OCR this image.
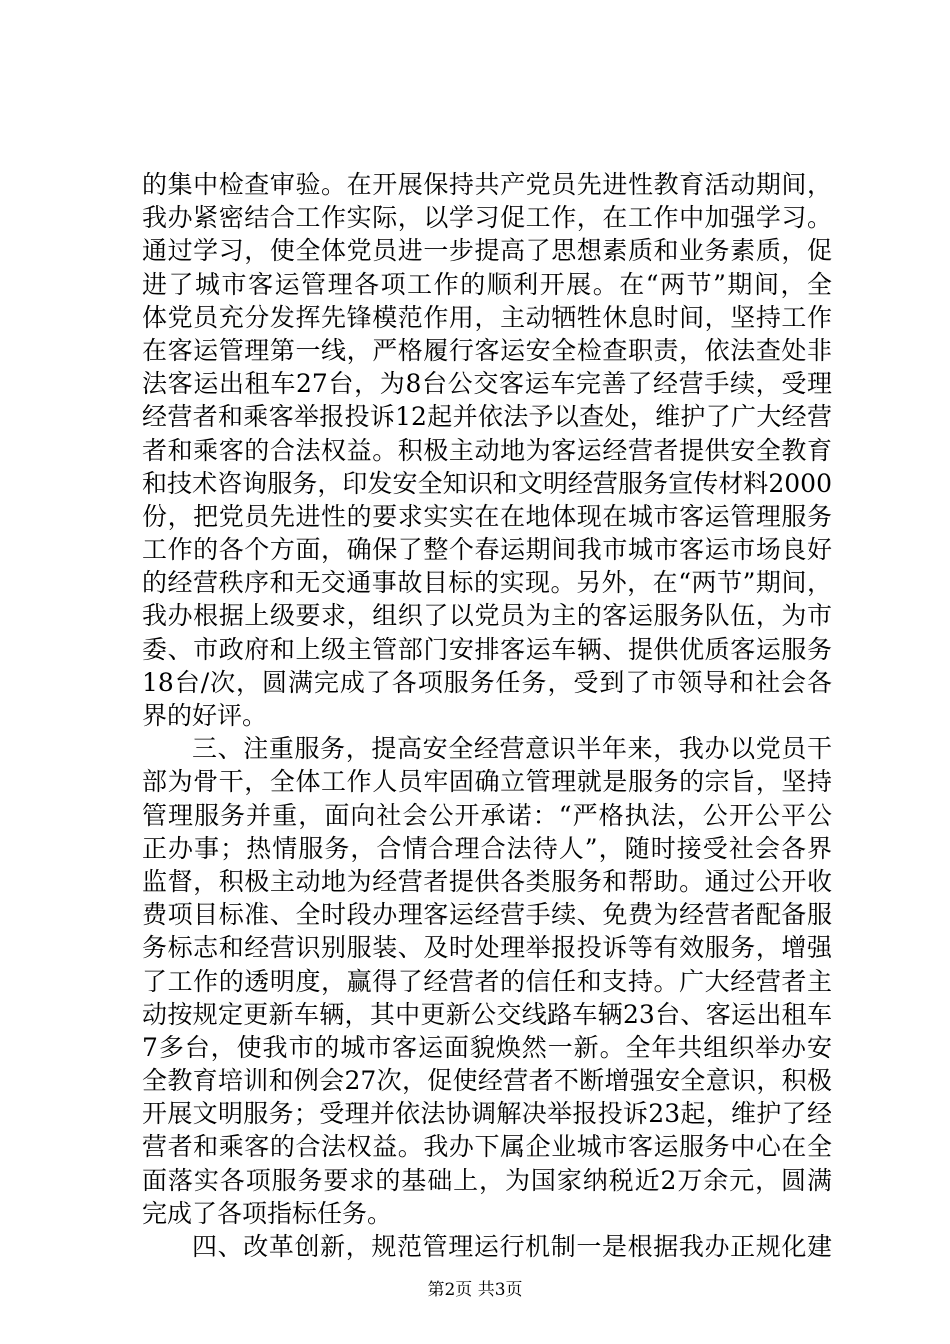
的集中检查审验。在开展保持共产党员先进性教育活动期间，
我办紧密结合工作实际，以学习促工作，在工作中加强学习。
通过学习，使全体党员进一步提高了思想素质和业务素质，促
进了城市客运管理各项工作的顺利开展。在“两节”期间，全
体党员充分发挥先锋模范作用，主动牺牲休息时间，坚持工作
在客运管理第一线，严格履行客运安全检查职责，依法查处非
法客运出租车27台，为8台公交客运车完善了经营手续，受理
经营者和乘客举报投诉12起并依法予以查处，维护了广大经营
者和乘客的合法权益。积极主动地为客运经营者提供安全教育
和技术咨询服务，印发安全知识和文明经营服务宣传材料2000
份，把党员先进性的要求实实在在地体现在城市客运管理服务
工作的各个方面，确保了整个春运期间我市城市客运市场良好
的经营秩序和无交通事故目标的实现。另外，在“两节”期间，
我办根据上级要求，组织了以党员为主的客运服务队伍，为市
委、市政府和上级主管部门安排客运车辆、提供优质客运服务
18台/次，圆满完成了各项服务任务，受到了市领导和社会各
界的好评。
三、注重服务，提高安全经营意识半年来，我办以党员干
部为骨干，全体工作人员牢固确立管理就是服务的宗旨，坚持
管理服务并重，面向社会公开承诺：“严格执法，公开公平公
正办事；热情服务，合情合理合法待人”，随时接受社会各界
监督，积极主动地为经营者提供各类服务和帮助。通过公开收
费项目标准、全时段办理客运经营手续、免费为经营者配备服
务标志和经营识别服装、及时处理举报投诉等有效服务，增强
了工作的透明度，赢得了经营者的信任和支持。广大经营者主
动按规定更新车辆，其中更新公交线路车辆23台、客运出租车
7多台，使我市的城市客运面貌焕然一新。全年共组织举办安
全教育培训和例会27次，促使经营者不断增强安全意识，积极
开展文明服务；受理并依法协调解决举报投诉23起，维护了经
营者和乘客的合法权益。我办下属企业城市客运服务中心在全
面落实各项服务要求的基础上，为国家纳税近2万余元，圆满
完成了各项指标任务。
四、改革创新，规范管理运行机制一是根据我办正规化建
第2页 共3页
